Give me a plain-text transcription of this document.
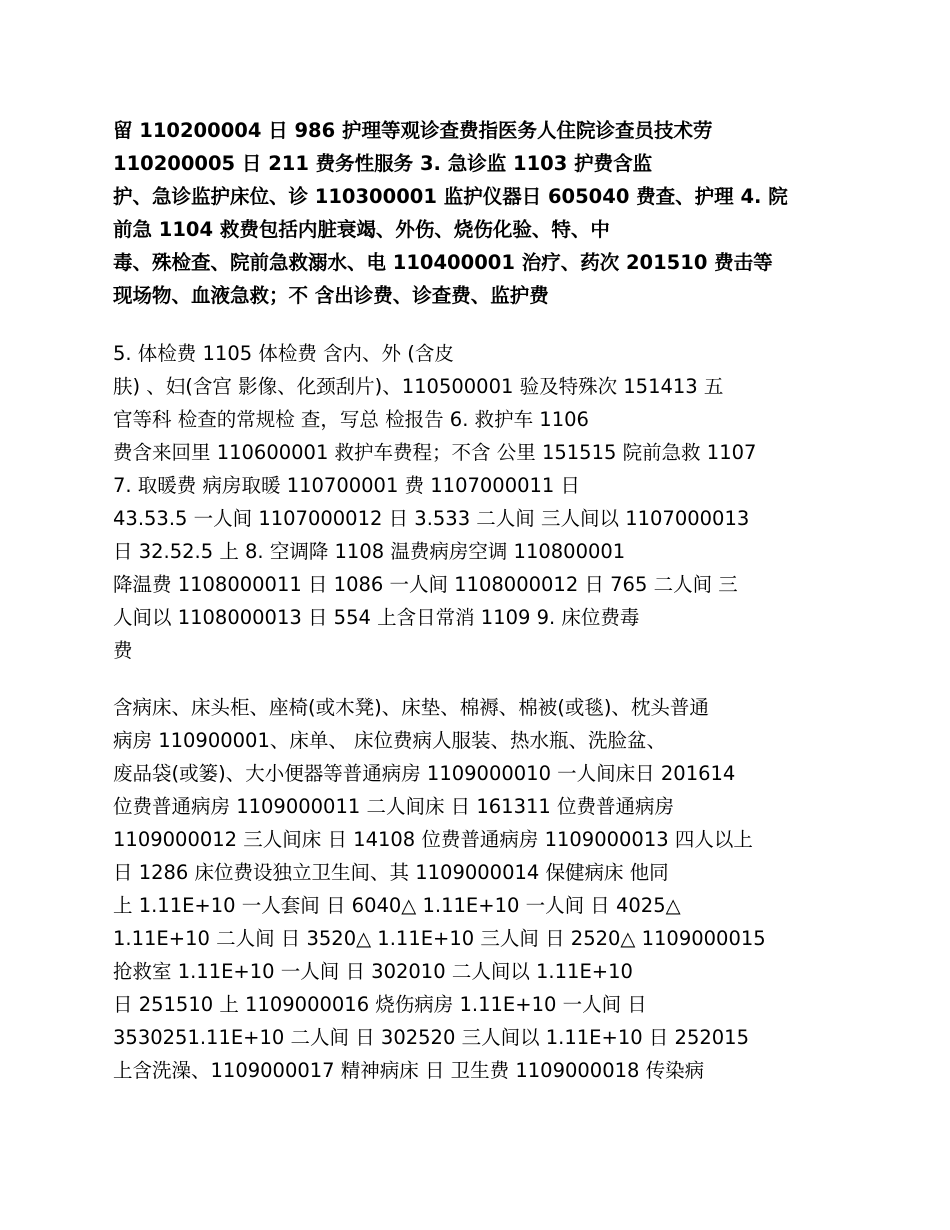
留 110200004 日 986 护理等观诊查费指医务人住院诊查员技术劳
110200005 日 211 费务性服务 3. 急诊监 1103 护费含监
护、急诊监护床位、诊 110300001 监护仪器日 605040 费查、护理 4. 院
前急 1104 救费包括内脏衰竭、外伤、烧伤化验、特、中
毒、殊检查、院前急救溺水、电 110400001 治疗、药次 201510 费击等
现场物、血液急救；不 含出诊费、诊查费、监护费
5. 体检费 1105 体检费 含内、外 (含皮
肤) 、妇(含宫 影像、化颈刮片)、110500001 验及特殊次 151413 五
官等科 检查的常规检 查，写总 检报告 6. 救护车 1106
费含来回里 110600001 救护车费程；不含 公里 151515 院前急救 1107
7. 取暖费 病房取暖 110700001 费 1107000011 日
43.53.5 一人间 1107000012 日 3.533 二人间 三人间以 1107000013
日 32.52.5 上 8. 空调降 1108 温费病房空调 110800001
降温费 1108000011 日 1086 一人间 1108000012 日 765 二人间 三
人间以 1108000013 日 554 上含日常消 1109 9. 床位费毒
费
含病床、床头柜、座椅(或木凳)、床垫、棉褥、棉被(或毯)、枕头普通
病房 110900001、床单、 床位费病人服装、热水瓶、洗脸盆、
废品袋(或篓)、大小便器等普通病房 1109000010 一人间床日 201614
位费普通病房 1109000011 二人间床 日 161311 位费普通病房
1109000012 三人间床 日 14108 位费普通病房 1109000013 四人以上
日 1286 床位费设独立卫生间、其 1109000014 保健病床 他同
上 1.11E+10 一人套间 日 6040△ 1.11E+10 一人间 日 4025△
1.11E+10 二人间 日 3520△ 1.11E+10 三人间 日 2520△ 1109000015
抢救室 1.11E+10 一人间 日 302010 二人间以 1.11E+10
日 251510 上 1109000016 烧伤病房 1.11E+10 一人间 日
3530251.11E+10 二人间 日 302520 三人间以 1.11E+10 日 252015
上含洗澡、1109000017 精神病床 日 卫生费 1109000018 传染病
